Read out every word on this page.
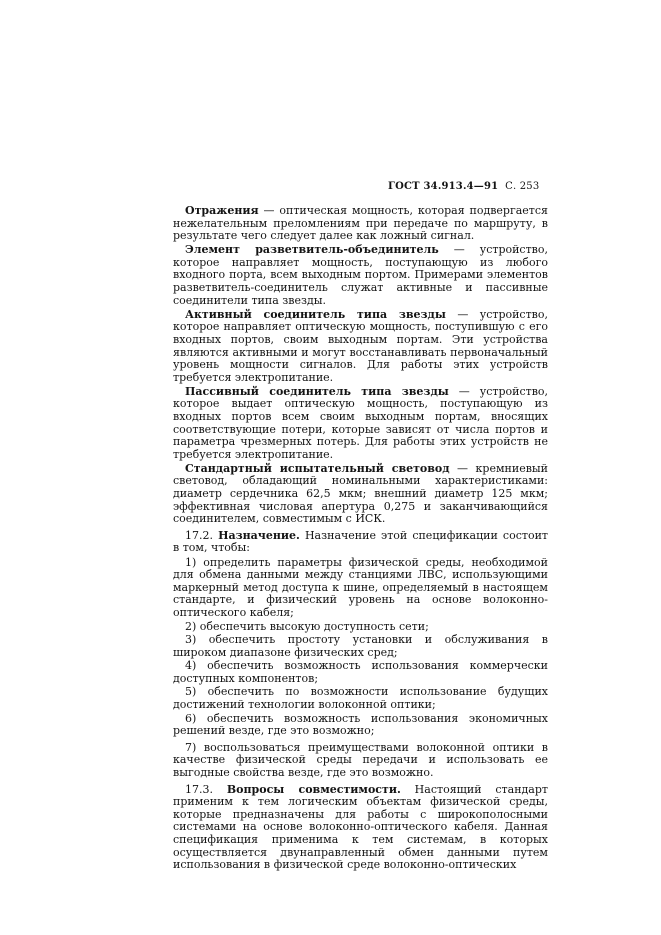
ГОСТ 34.913.4—91 С. 253

Отражения — оптическая мощность, которая подвергается нежелательным преломлениям при передаче по маршруту, в результате чего следует далее как ложный сигнал.

Элемент разветвитель-объединитель — устройство, которое направляет мощность, поступающую из любого входного порта, всем выходным портом. Примерами элементов разветвитель-соединитель служат активные и пассивные соединители типа звезды.

Активный соединитель типа звезды — устройство, которое направляет оптическую мощность, поступившую с его входных портов, своим выходным портам. Эти устройства являются активными и могут восстанавливать первоначальный уровень мощности сигналов. Для работы этих устройств требуется электропитание.

Пассивный соединитель типа звезды — устройство, которое выдает оптическую мощность, поступающую из входных портов всем своим выходным портам, вносящих соответствующие потери, которые зависят от числа портов и параметра чрезмерных потерь. Для работы этих устройств не требуется электропитание.

Стандартный испытательный световод — кремниевый световод, обладающий номинальными характеристиками: диаметр сердечника 62,5 мкм; внешний диаметр 125 мкм; эффективная числовая апертура 0,275 и заканчивающийся соединителем, совместимым с ИСК.

17.2. Назначение. Назначение этой спецификации состоит в том, чтобы:

1) определить параметры физической среды, необходимой для обмена данными между станциями ЛВС, использующими маркерный метод доступа к шине, определяемый в настоящем стандарте, и физический уровень на основе волоконно-оптического кабеля;

2) обеспечить высокую доступность сети;

3) обеспечить простоту установки и обслуживания в широком диапазоне физических сред;

4) обеспечить возможность использования коммерчески доступных компонентов;

5) обеспечить по возможности использование будущих достижений технологии волоконной оптики;

6) обеспечить возможность использования экономичных решений везде, где это возможно;

7) воспользоваться преимуществами волоконной оптики в качестве физической среды передачи и использовать ее выгодные свойства везде, где это возможно.

17.3. Вопросы совместимости. Настоящий стандарт применим к тем логическим объектам физической среды, которые предназначены для работы с широкополосными системами на основе волоконно-оптического кабеля. Данная спецификация применима к тем системам, в которых осуществляется двунаправленный обмен данными путем использования в физической среде волоконно-оптических
